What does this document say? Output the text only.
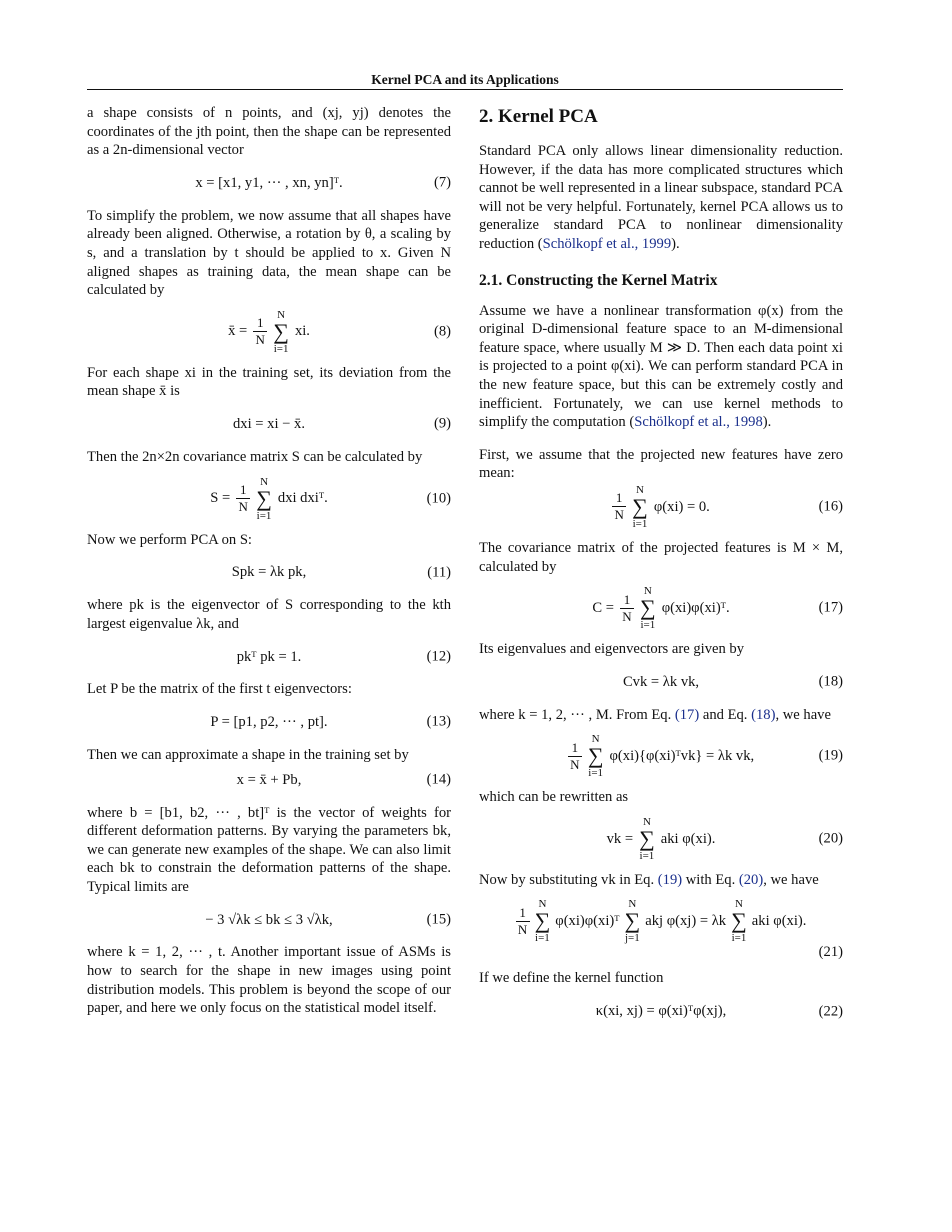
Kernel PCA and its Applications

a shape consists of n points, and (xj, yj) denotes the coordinates of the jth point, then the shape can be represented as a 2n-dimensional vector

x = [x1, y1, ··· , xn, yn]ᵀ.	(7)

To simplify the problem, we now assume that all shapes have already been aligned. Otherwise, a rotation by θ, a scaling by s, and a translation by t should be applied to x. Given N aligned shapes as training data, the mean shape can be calculated by

x̄ = $\frac{1}{N}$
N
∑
i=1
xi.	(8)

For each shape xi in the training set, its deviation from the mean shape x̄ is

dxi = xi − x̄.	(9)

Then the 2n×2n covariance matrix S can be calculated by

$S = \frac{1}{N}$
N
∑
i=1
dxi dxiᵀ.	(10)

Now we perform PCA on S:

Spk = λk pk,	(11)

where pk is the eigenvector of S corresponding to the kth largest eigenvalue λk, and

pkᵀ pk = 1.	(12)

Let P be the matrix of the first t eigenvectors:

P = [p1, p2, ··· , pt].	(13)

Then we can approximate a shape in the training set by

x = x̄ + Pb,	(14)

where b = [b1, b2, ··· , bt]ᵀ is the vector of weights for different deformation patterns. By varying the parameters bk, we can generate new examples of the shape. We can also limit each bk to constrain the deformation patterns of the shape. Typical limits are

− 3 √λk ≤ bk ≤ 3 √λk,	(15)

where k = 1, 2, ··· , t. Another important issue of ASMs is how to search for the shape in new images using point distribution models. This problem is beyond the scope of our paper, and here we only focus on the statistical model itself.

2. Kernel PCA

Standard PCA only allows linear dimensionality reduction. However, if the data has more complicated structures which cannot be well represented in a linear subspace, standard PCA will not be very helpful. Fortunately, kernel PCA allows us to generalize standard PCA to nonlinear dimensionality reduction (Schölkopf et al., 1999).

2.1. Constructing the Kernel Matrix

Assume we have a nonlinear transformation φ(x) from the original D-dimensional feature space to an M-dimensional feature space, where usually M ≫ D. Then each data point xi is projected to a point φ(xi). We can perform standard PCA in the new feature space, but this can be extremely costly and inefficient. Fortunately, we can use kernel methods to simplify the computation (Schölkopf et al., 1998).

First, we assume that the projected new features have zero mean:

$\frac{1}{N}$
N
∑
i=1
φ(xi) = 0.	(16)

The covariance matrix of the projected features is M × M, calculated by

$C = \frac{1}{N}$
N
∑
i=1
φ(xi)φ(xi)ᵀ.	(17)

Its eigenvalues and eigenvectors are given by

Cvk = λk vk,	(18)

where k = 1, 2, ··· , M. From Eq. (17) and Eq. (18), we have

$\frac{1}{N}$
N
∑
i=1
φ(xi){φ(xi)ᵀvk} = λk vk,	(19)

which can be rewritten as

vk =
N
∑
i=1
aki φ(xi).	(20)

Now by substituting vk in Eq. (19) with Eq. (20), we have

$\frac{1}{N}$
N
∑
i=1
φ(xi)φ(xi)ᵀ
N
∑
j=1
akj φ(xj) = λk
N
∑
i=1
aki φ(xi).
(21)

If we define the kernel function

κ(xi, xj) = φ(xi)ᵀφ(xj),	(22)
